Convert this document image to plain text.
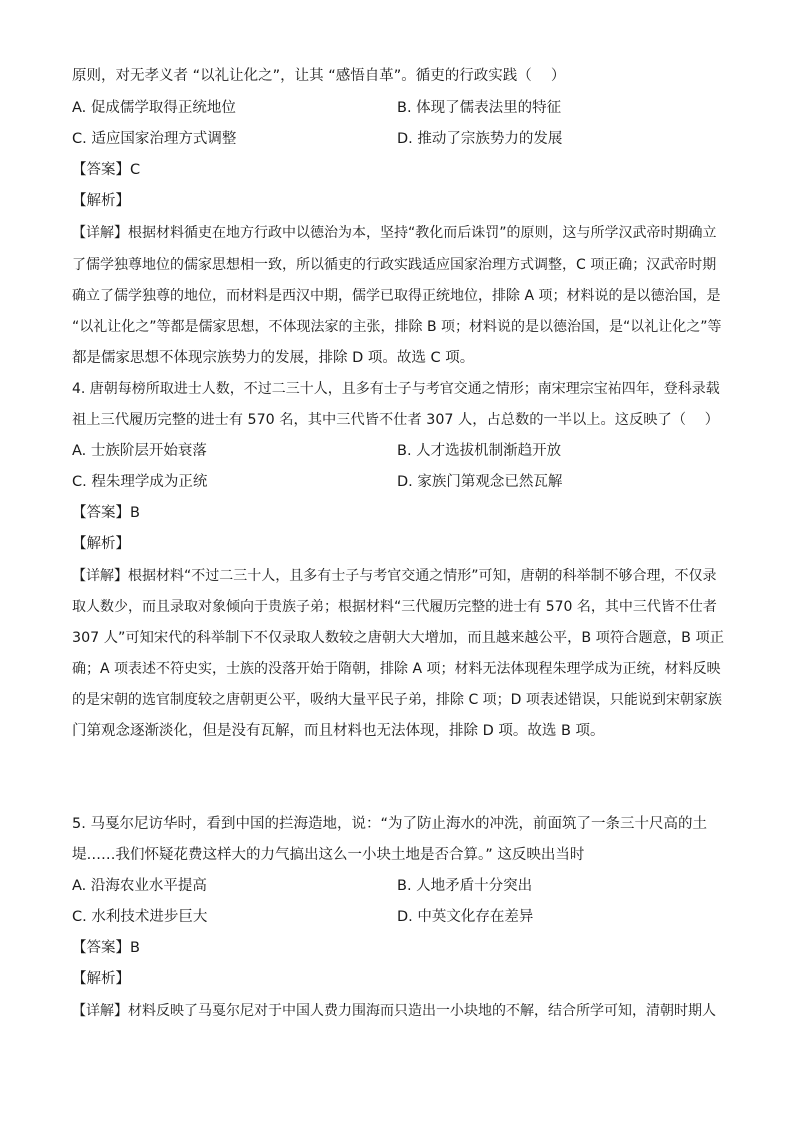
原则，对无孝义者 “以礼让化之”，让其 “感悟自革”。循吏的行政实践（　 ）
A. 促成儒学取得正统地位	B. 体现了儒表法里的特征
C. 适应国家治理方式调整	D. 推动了宗族势力的发展
【答案】C
【解析】
【详解】根据材料循吏在地方行政中以德治为本，坚持“教化而后诛罚”的原则，这与所学汉武帝时期确立
了儒学独尊地位的儒家思想相一致，所以循吏的行政实践适应国家治理方式调整，C 项正确；汉武帝时期
确立了儒学独尊的地位，而材料是西汉中期，儒学已取得正统地位，排除 A 项；材料说的是以德治国，是
“以礼让化之”等都是儒家思想，不体现法家的主张，排除 B 项；材料说的是以德治国，是“以礼让化之”等
都是儒家思想不体现宗族势力的发展，排除 D 项。故选 C 项。
4. 唐朝每榜所取进士人数，不过二三十人，且多有士子与考官交通之情形；南宋理宗宝祐四年，登科录载
祖上三代履历完整的进士有 570 名，其中三代皆不仕者 307 人，占总数的一半以上。这反映了（　 ）
A. 士族阶层开始衰落	B. 人才选拔机制渐趋开放
C. 程朱理学成为正统	D. 家族门第观念已然瓦解
【答案】B
【解析】
【详解】根据材料“不过二三十人，且多有士子与考官交通之情形”可知，唐朝的科举制不够合理，不仅录
取人数少，而且录取对象倾向于贵族子弟；根据材料“三代履历完整的进士有 570 名，其中三代皆不仕者
307 人”可知宋代的科举制下不仅录取人数较之唐朝大大增加，而且越来越公平，B 项符合题意，B 项正
确；A 项表述不符史实，士族的没落开始于隋朝，排除 A 项；材料无法体现程朱理学成为正统，材料反映
的是宋朝的选官制度较之唐朝更公平，吸纳大量平民子弟，排除 C 项；D 项表述错误，只能说到宋朝家族
门第观念逐渐淡化，但是没有瓦解，而且材料也无法体现，排除 D 项。故选 B 项。
5. 马戛尔尼访华时，看到中国的拦海造地，说：“为了防止海水的冲洗，前面筑了一条三十尺高的土
堤……我们怀疑花费这样大的力气搞出这么一小块土地是否合算。” 这反映出当时
A. 沿海农业水平提高	B. 人地矛盾十分突出
C. 水利技术进步巨大	D. 中英文化存在差异
【答案】B
【解析】
【详解】材料反映了马戛尔尼对于中国人费力围海而只造出一小块地的不解，结合所学可知，清朝时期人
